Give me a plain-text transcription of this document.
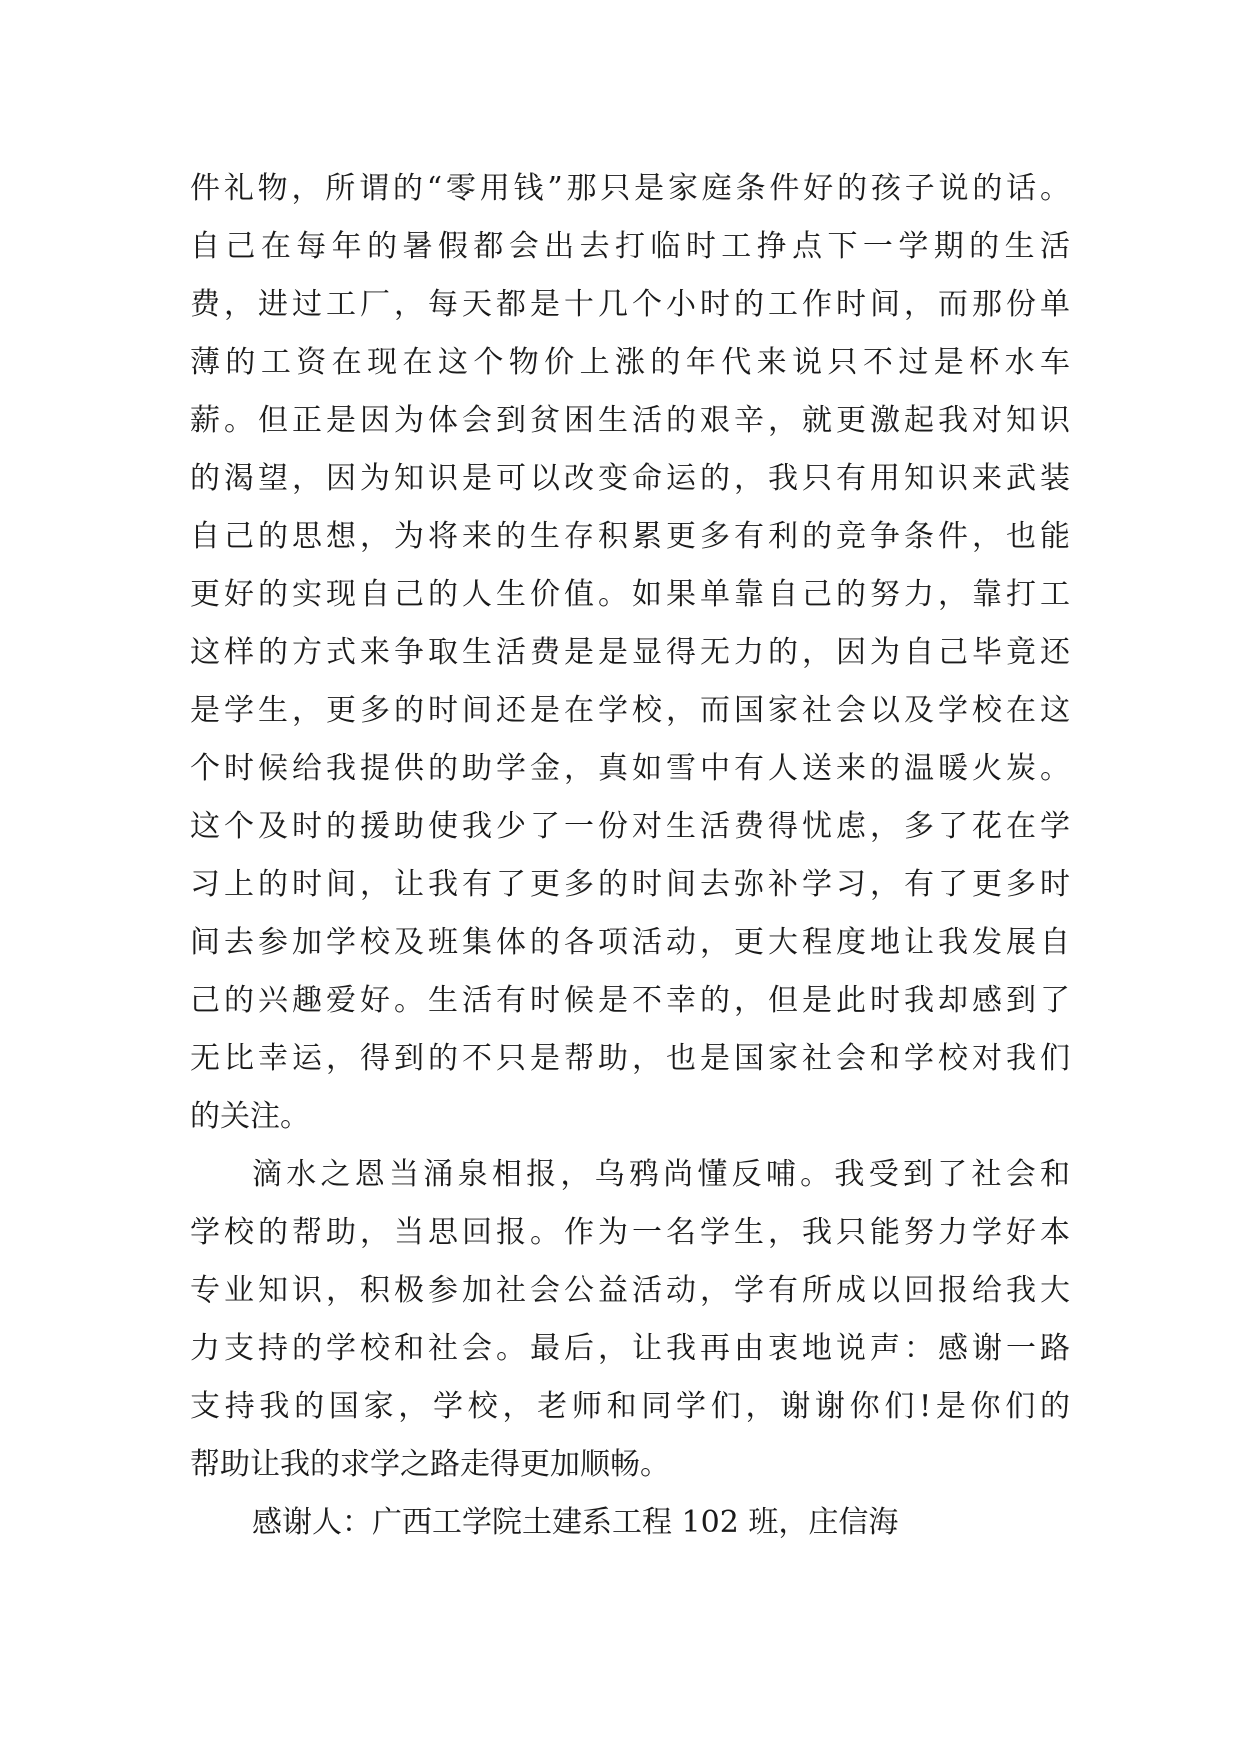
件礼物，所谓的“零用钱”那只是家庭条件好的孩子说的话。
自己在每年的暑假都会出去打临时工挣点下一学期的生活
费，进过工厂，每天都是十几个小时的工作时间，而那份单
薄的工资在现在这个物价上涨的年代来说只不过是杯水车
薪。但正是因为体会到贫困生活的艰辛，就更激起我对知识
的渴望，因为知识是可以改变命运的，我只有用知识来武装
自己的思想，为将来的生存积累更多有利的竞争条件，也能
更好的实现自己的人生价值。如果单靠自己的努力，靠打工
这样的方式来争取生活费是是显得无力的，因为自己毕竟还
是学生，更多的时间还是在学校，而国家社会以及学校在这
个时候给我提供的助学金，真如雪中有人送来的温暖火炭。
这个及时的援助使我少了一份对生活费得忧虑，多了花在学
习上的时间，让我有了更多的时间去弥补学习，有了更多时
间去参加学校及班集体的各项活动，更大程度地让我发展自
己的兴趣爱好。生活有时候是不幸的，但是此时我却感到了
无比幸运，得到的不只是帮助，也是国家社会和学校对我们
的关注。
滴水之恩当涌泉相报，乌鸦尚懂反哺。我受到了社会和
学校的帮助，当思回报。作为一名学生，我只能努力学好本
专业知识，积极参加社会公益活动，学有所成以回报给我大
力支持的学校和社会。最后，让我再由衷地说声：感谢一路
支持我的国家，学校，老师和同学们，谢谢你们!是你们的
帮助让我的求学之路走得更加顺畅。
感谢人：广西工学院土建系工程 102 班，庄信海
